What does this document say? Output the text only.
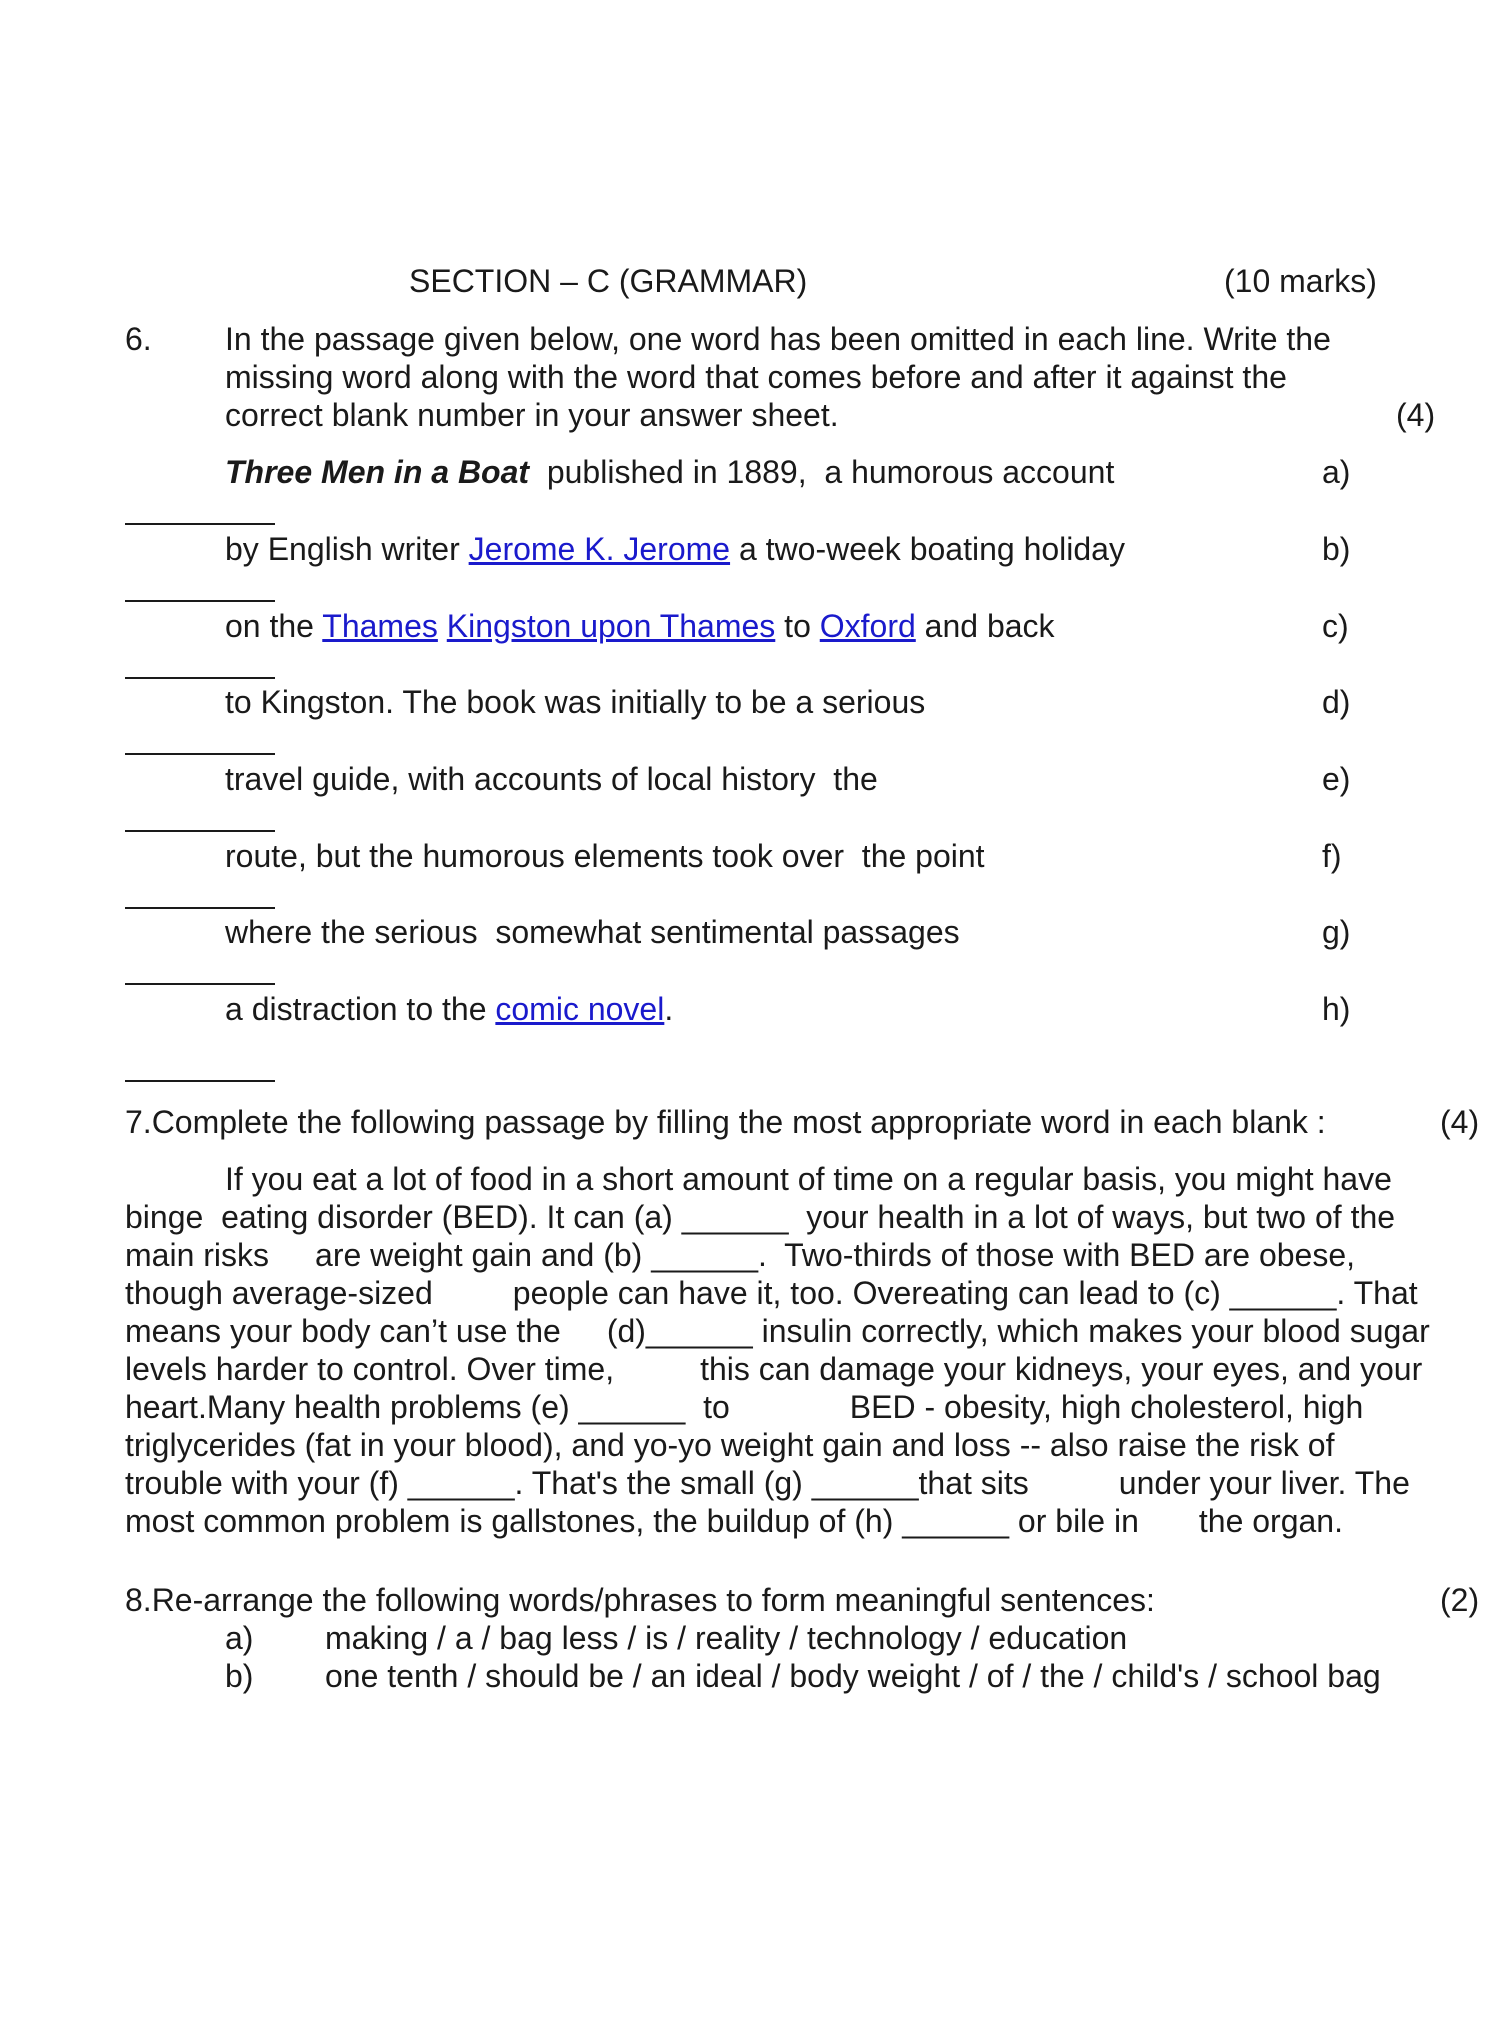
SECTION – C (GRAMMAR)	(10 marks)
6. In the passage given below, one word has been omitted in each line. Write the
missing word along with the word that comes before and after it against the
correct blank number in your answer sheet.	(4)
Three Men in a Boat  published in 1889,  a humorous account	a)
by English writer Jerome K. Jerome a two-week boating holiday	b)
on the Thames Kingston upon Thames to Oxford and back	c)
to Kingston. The book was initially to be a serious	d)
travel guide, with accounts of local history  the	e)
route, but the humorous elements took over  the point	f)
where the serious  somewhat sentimental passages	g)
a distraction to the comic novel.	h)
7.Complete the following passage by filling the most appropriate word in each blank :	(4)
If you eat a lot of food in a short amount of time on a regular basis, you might have
binge  eating disorder (BED). It can (a) ______  your health in a lot of ways, but two of the
main risks are weight gain and (b) ______.  Two-thirds of those with BED are obese,
though average-sized	people can have it, too. Overeating can lead to (c) ______. That
means your body can’t use the (d)______ insulin correctly, which makes your blood sugar
levels harder to control. Over time,	this can damage your kidneys, your eyes, and your
heart.Many health problems (e) ______  to	BED - obesity, high cholesterol, high
triglycerides (fat in your blood), and yo-yo weight gain and loss -- also raise the risk of
trouble with your (f) ______. That's the small (g) ______that sits	under your liver. The
most common problem is gallstones, the buildup of (h) ______ or bile in the organ.
8.Re-arrange the following words/phrases to form meaningful sentences:	(2)
a) making / a / bag less / is / reality / technology / education
b) one tenth / should be / an ideal / body weight / of / the / child's / school bag
